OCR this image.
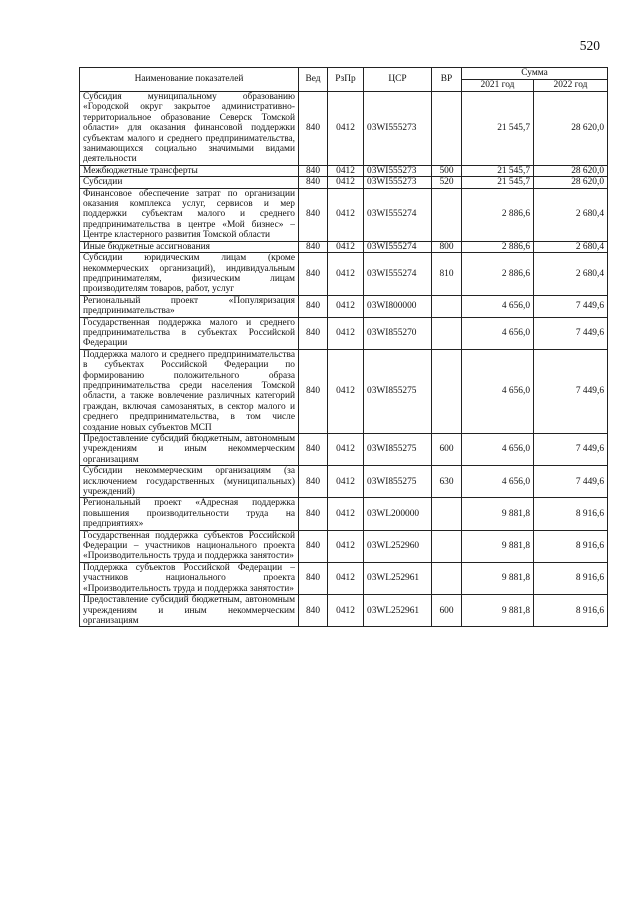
520
Наименование показателей	Вед	РзПр	ЦСР	ВР	Сумма	
					2021 год	2022 год
Субсидия муниципальному образованию «Городской округ закрытое административно-территориальное образование Северск Томской области» для оказания финансовой поддержки субъектам малого и среднего предпринимательства, занимающихся социально значимыми видами деятельности	840	0412	03WI555273		21 545,7	28 620,0
Межбюджетные трансферты	840	0412	03WI555273	500	21 545,7	28 620,0
Субсидии	840	0412	03WI555273	520	21 545,7	28 620,0
Финансовое обеспечение затрат по организации оказания комплекса услуг, сервисов и мер поддержки субъектам малого и среднего предпринимательства в центре «Мой бизнес» – Центре кластерного развития Томской области	840	0412	03WI555274		2 886,6	2 680,4
Иные бюджетные ассигнования	840	0412	03WI555274	800	2 886,6	2 680,4
Субсидии юридическим лицам (кроме некоммерческих организаций), индивидуальным предпринимателям, физическим лицам производителям товаров, работ, услуг	840	0412	03WI555274	810	2 886,6	2 680,4
Региональный проект «Популяризация предпринимательства»	840	0412	03WI800000		4 656,0	7 449,6
Государственная поддержка малого и среднего предпринимательства в субъектах Российской Федерации	840	0412	03WI855270		4 656,0	7 449,6
Поддержка малого и среднего предпринимательства в субъектах Российской Федерации по формированию положительного образа предпринимательства среди населения Томской области, а также вовлечение различных категорий граждан, включая самозанятых, в сектор малого и среднего предпринимательства, в том числе создание новых субъектов МСП	840	0412	03WI855275		4 656,0	7 449,6
Предоставление субсидий бюджетным, автономным учреждениям и иным некоммерческим организациям	840	0412	03WI855275	600	4 656,0	7 449,6
Субсидии некоммерческим организациям (за исключением государственных (муниципальных) учреждений)	840	0412	03WI855275	630	4 656,0	7 449,6
Региональный проект «Адресная поддержка повышения производительности труда на предприятиях»	840	0412	03WL200000		9 881,8	8 916,6
Государственная поддержка субъектов Российской Федерации – участников национального проекта «Производительность труда и поддержка занятости»	840	0412	03WL252960		9 881,8	8 916,6
Поддержка субъектов Российской Федерации – участников национального проекта «Производительность труда и поддержка занятости»	840	0412	03WL252961		9 881,8	8 916,6
Предоставление субсидий бюджетным, автономным учреждениям и иным некоммерческим организациям	840	0412	03WL252961	600	9 881,8	8 916,6
